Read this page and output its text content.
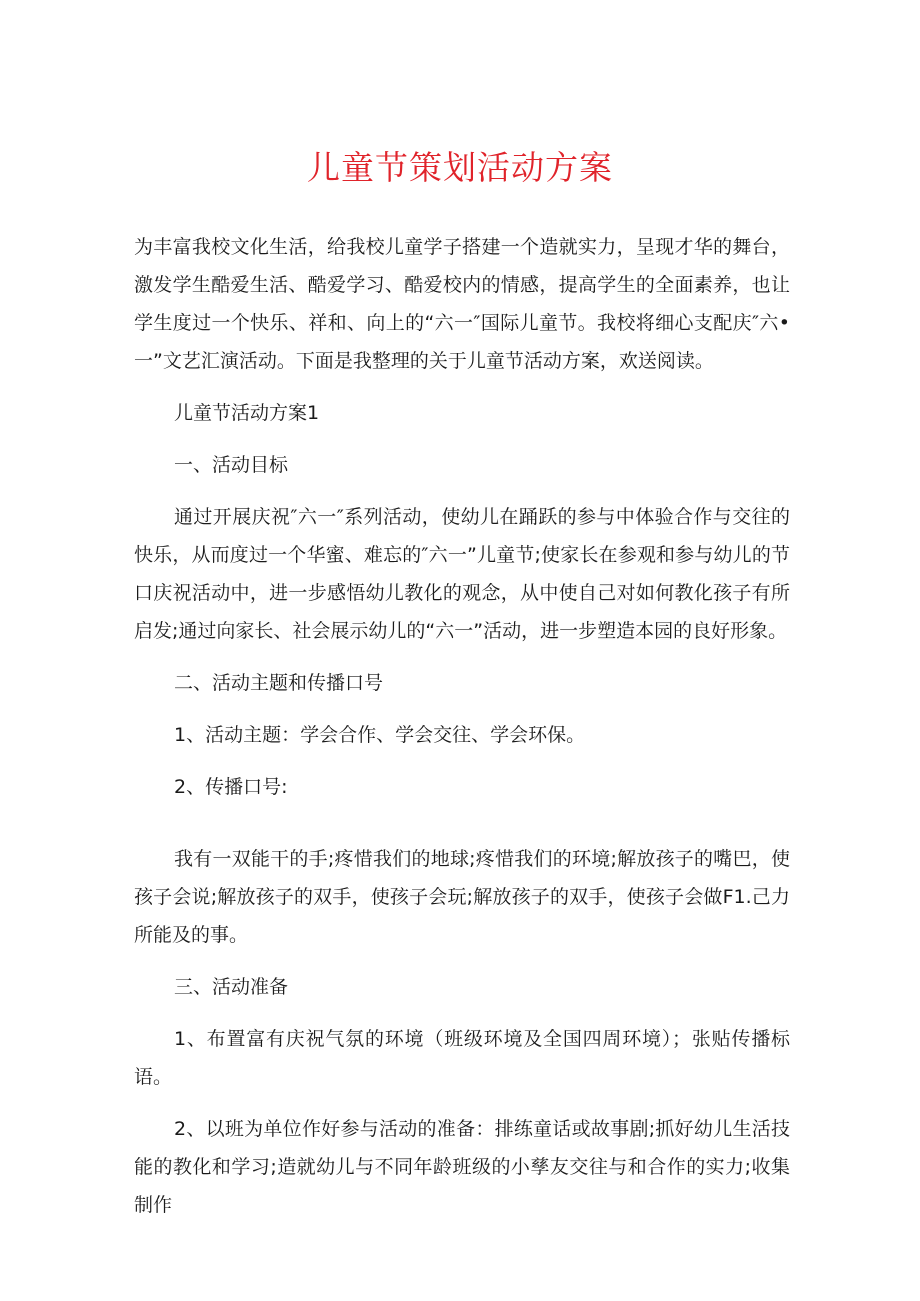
儿童节策划活动方案

为丰富我校文化生活，给我校儿童学子搭建一个造就实力，呈现才华的舞台，激发学生酷爱生活、酷爱学习、酷爱校内的情感，提高学生的全面素养，也让学生度过一个快乐、祥和、向上的“六一″国际儿童节。我校将细心支配庆″六•一”文艺汇演活动。下面是我整理的关于儿童节活动方案，欢送阅读。

儿童节活动方案1

一、活动目标

通过开展庆祝″六一″系列活动，使幼儿在踊跃的参与中体验合作与交往的快乐，从而度过一个华蜜、难忘的″六一”儿童节;使家长在参观和参与幼儿的节口庆祝活动中，进一步感悟幼儿教化的观念，从中使自己对如何教化孩子有所启发;通过向家长、社会展示幼儿的“六一”活动，进一步塑造本园的良好形象。

二、活动主题和传播口号

1、活动主题：学会合作、学会交往、学会环保。

2、传播口号:

我有一双能干的手;疼惜我们的地球;疼惜我们的环境;解放孩子的嘴巴，使孩子会说;解放孩子的双手，使孩子会玩;解放孩子的双手，使孩子会做F1.己力所能及的事。

三、活动准备

1、布置富有庆祝气氛的环境（班级环境及全国四周环境）；张贴传播标语。

2、以班为单位作好参与活动的准备：排练童话或故事剧;抓好幼儿生活技能的教化和学习;造就幼儿与不同年龄班级的小孳友交往与和合作的实力;收集制作
